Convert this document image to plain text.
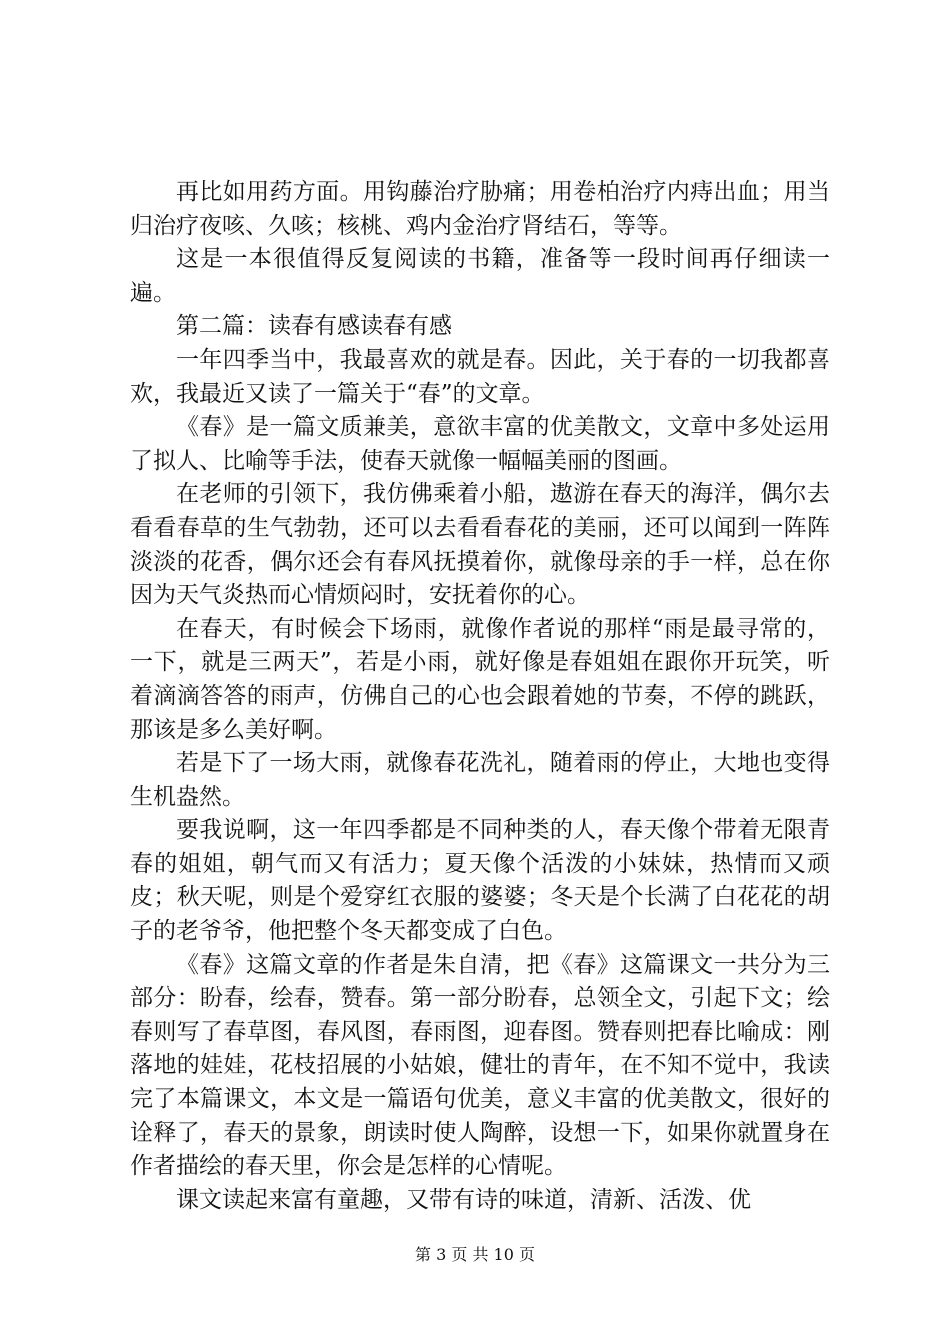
再比如用药方面。用钩藤治疗胁痛；用卷柏治疗内痔出血；用当归治疗夜咳、久咳；核桃、鸡内金治疗肾结石，等等。

这是一本很值得反复阅读的书籍，准备等一段时间再仔细读一遍。

第二篇：读春有感读春有感

一年四季当中，我最喜欢的就是春。因此，关于春的一切我都喜欢，我最近又读了一篇关于“春”的文章。

《春》是一篇文质兼美，意欲丰富的优美散文，文章中多处运用了拟人、比喻等手法，使春天就像一幅幅美丽的图画。

在老师的引领下，我仿佛乘着小船，遨游在春天的海洋，偶尔去看看春草的生气勃勃，还可以去看看春花的美丽，还可以闻到一阵阵淡淡的花香，偶尔还会有春风抚摸着你，就像母亲的手一样，总在你因为天气炎热而心情烦闷时，安抚着你的心。

在春天，有时候会下场雨，就像作者说的那样“雨是最寻常的，一下，就是三两天”，若是小雨，就好像是春姐姐在跟你开玩笑，听着滴滴答答的雨声，仿佛自己的心也会跟着她的节奏，不停的跳跃，那该是多么美好啊。

若是下了一场大雨，就像春花洗礼，随着雨的停止，大地也变得生机盎然。

要我说啊，这一年四季都是不同种类的人，春天像个带着无限青春的姐姐，朝气而又有活力；夏天像个活泼的小妹妹，热情而又顽皮；秋天呢，则是个爱穿红衣服的婆婆；冬天是个长满了白花花的胡子的老爷爷，他把整个冬天都变成了白色。

《春》这篇文章的作者是朱自清，把《春》这篇课文一共分为三部分：盼春，绘春，赞春。第一部分盼春，总领全文，引起下文；绘春则写了春草图，春风图，春雨图，迎春图。赞春则把春比喻成：刚落地的娃娃，花枝招展的小姑娘，健壮的青年，在不知不觉中，我读完了本篇课文，本文是一篇语句优美，意义丰富的优美散文，很好的诠释了，春天的景象，朗读时使人陶醉，设想一下，如果你就置身在作者描绘的春天里，你会是怎样的心情呢。

课文读起来富有童趣，又带有诗的味道，清新、活泼、优

第 3 页 共 10 页
